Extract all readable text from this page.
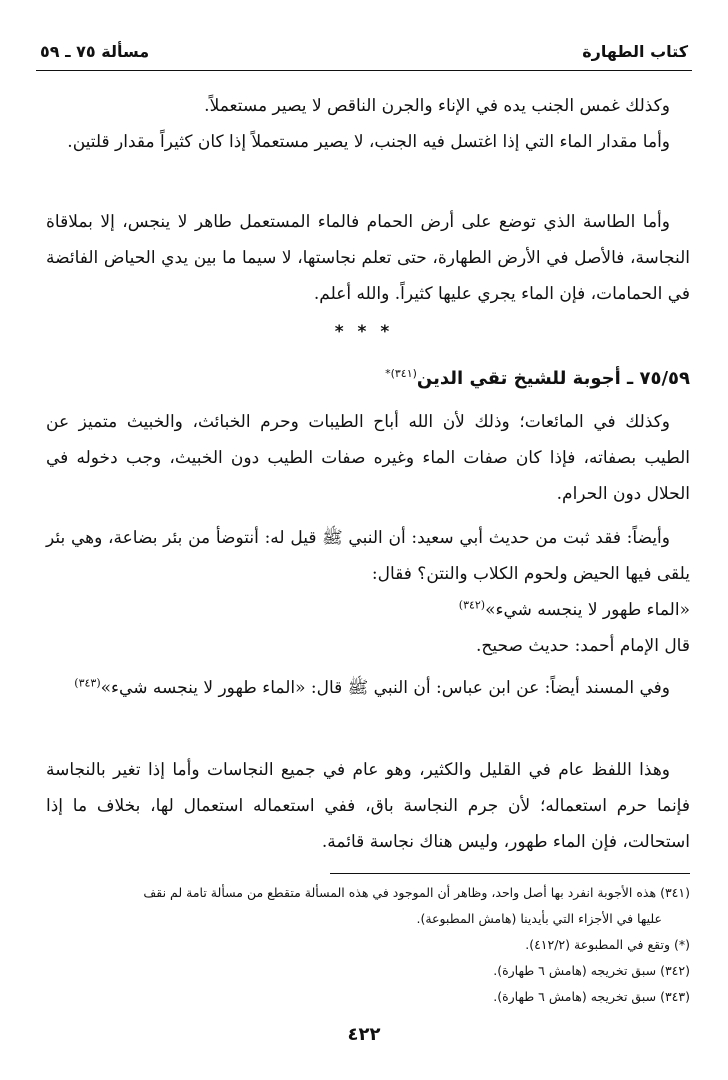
كتاب الطهارة
مسألة ٧٥ ـ ٥٩

وكذلك غمس الجنب يده في الإناء والجرن الناقص لا يصير مستعملاً.

وأما مقدار الماء التي إذا اغتسل فيه الجنب، لا يصير مستعملاً إذا كان كثيراً مقدار قلتين.

وأما الطاسة الذي توضع على أرض الحمام فالماء المستعمل طاهر لا ينجس، إلا بملاقاة النجاسة، فالأصل في الأرض الطهارة، حتى تعلم نجاستها، لا سيما ما بين يدي الحياض الفائضة في الحمامات، فإن الماء يجري عليها كثيراً. والله أعلم.

* * *
٧٥/٥٩ ـ أجوبة للشيخ تقي الدين$^{(٣٤١)*}$

وكذلك في المائعات؛ وذلك لأن الله أباح الطيبات وحرم الخبائث، والخبيث متميز عن الطيب بصفاته، فإذا كان صفات الماء وغيره صفات الطيب دون الخبيث، وجب دخوله في الحلال دون الحرام.

وأيضاً: فقد ثبت من حديث أبي سعيد: أن النبي ﷺ قيل له: أنتوضأ من بئر بضاعة، وهي بئر يلقى فيها الحيض ولحوم الكلاب والنتن؟ فقال:

«الماء طهور لا ينجسه شيء»$^{(٣٤٢)}$

قال الإمام أحمد: حديث صحيح.

وفي المسند أيضاً: عن ابن عباس: أن النبي ﷺ قال: «الماء طهور لا ينجسه شيء»$^{(٣٤٣)}$

وهذا اللفظ عام في القليل والكثير، وهو عام في جميع النجاسات وأما إذا تغير بالنجاسة فإنما حرم استعماله؛ لأن جرم النجاسة باق، ففي استعماله استعمال لها، بخلاف ما إذا استحالت، فإن الماء طهور، وليس هناك نجاسة قائمة.

(٣٤١) هذه الأجوبة انفرد بها أصل واحد، وظاهر أن الموجود في هذه المسألة متقطع من مسألة تامة لم نقف

عليها في الأجزاء التي بأيدينا (هامش المطبوعة).

(*) وتقع في المطبوعة (٤١٢/٢).

(٣٤٢) سبق تخريجه (هامش ٦ طهارة).

(٣٤٣) سبق تخريجه (هامش ٦ طهارة).

٤٢٢
